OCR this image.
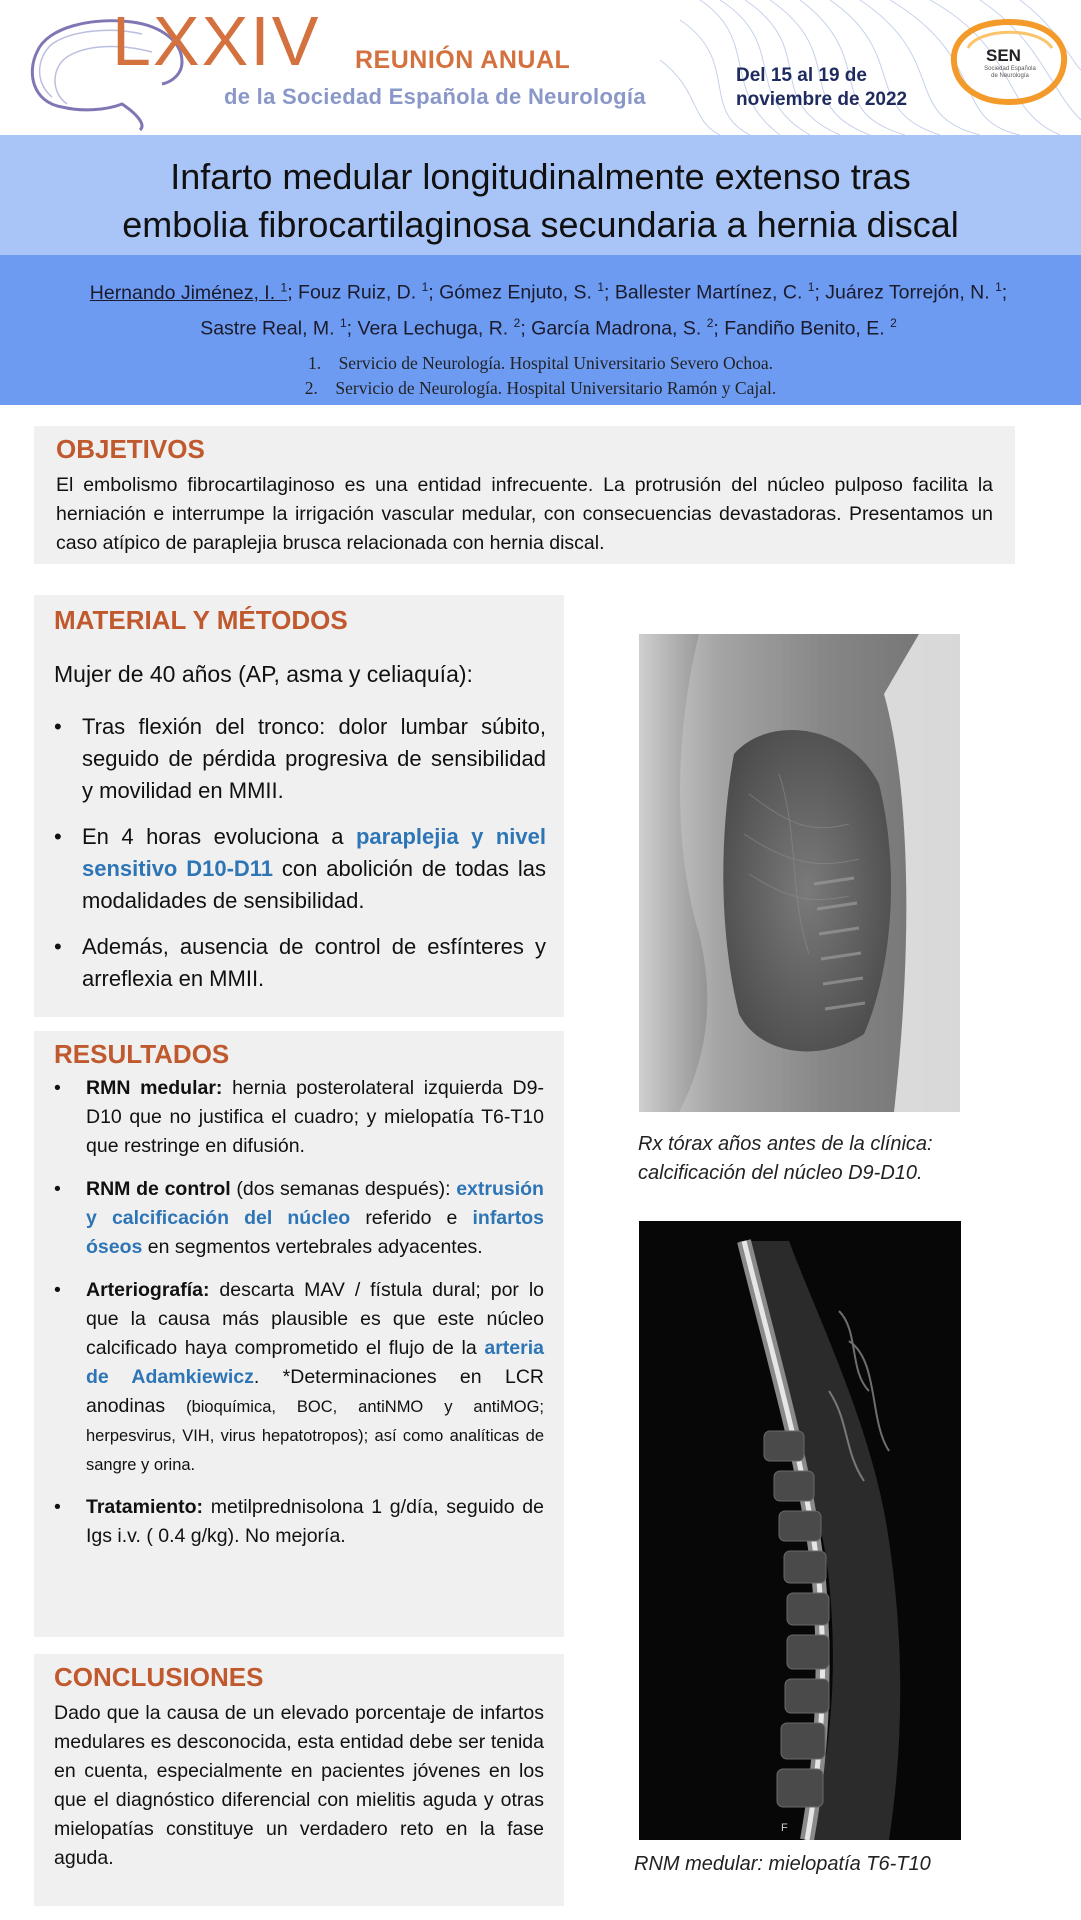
LXXIV REUNIÓN ANUAL
de la Sociedad Española de Neurología
Del 15 al 19 de
noviembre de 2022
SEN
Sociedad Española de Neurología
Infarto medular longitudinalmente extenso tras
embolia fibrocartilaginosa secundaria a hernia discal
Hernando Jiménez, I. $^1$; Fouz Ruiz, D. $^1$; Gómez Enjuto, S. $^1$; Ballester Martínez, C. $^1$; Juárez Torrejón, N. $^1$;
Sastre Real, M. $^1$; Vera Lechuga, R. $^2$; García Madrona, S. $^2$; Fandiño Benito, E. $^2$
1.    Servicio de Neurología. Hospital Universitario Severo Ochoa.
2.    Servicio de Neurología. Hospital Universitario Ramón y Cajal.
OBJETIVOS

El embolismo fibrocartilaginoso es una entidad infrecuente. La protrusión del núcleo pulposo facilita la herniación e interrumpe la irrigación vascular medular, con consecuencias devastadoras. Presentamos un caso atípico de paraplejia brusca relacionada con hernia discal.

MATERIAL Y MÉTODOS
Mujer de 40 años (AP, asma y celiaquía):
• Tras flexión del tronco: dolor lumbar súbito, seguido de pérdida progresiva de sensibilidad y movilidad en MMII.
• En 4 horas evoluciona a paraplejia y nivel sensitivo D10-D11 con abolición de todas las modalidades de sensibilidad.
• Además, ausencia de control de esfínteres y arreflexia en MMII.
RESULTADOS
• RMN medular: hernia posterolateral izquierda D9-D10 que no justifica el cuadro; y mielopatía T6-T10 que restringe en difusión.
• RNM de control (dos semanas después): extrusión y calcificación del núcleo referido e infartos óseos en segmentos vertebrales adyacentes.
• Arteriografía: descarta MAV / fístula dural; por lo que la causa más plausible es que este núcleo calcificado haya comprometido el flujo de la arteria de Adamkiewicz. *Determinaciones en LCR anodinas (bioquímica, BOC, antiNMO y antiMOG; herpesvirus, VIH, virus hepatotropos); así como analíticas de sangre y orina.
• Tratamiento: metilprednisolona 1 g/día, seguido de Igs i.v. ( 0.4 g/kg). No mejoría.
CONCLUSIONES

Dado que la causa de un elevado porcentaje de infartos medulares es desconocida, esta entidad debe ser tenida en cuenta, especialmente en pacientes jóvenes en los que el diagnóstico diferencial con mielitis aguda y otras mielopatías constituye un verdadero reto en la fase aguda.

Rx tórax años antes de la clínica:
calcificación del núcleo D9-D10.
F
RNM medular: mielopatía T6-T10
